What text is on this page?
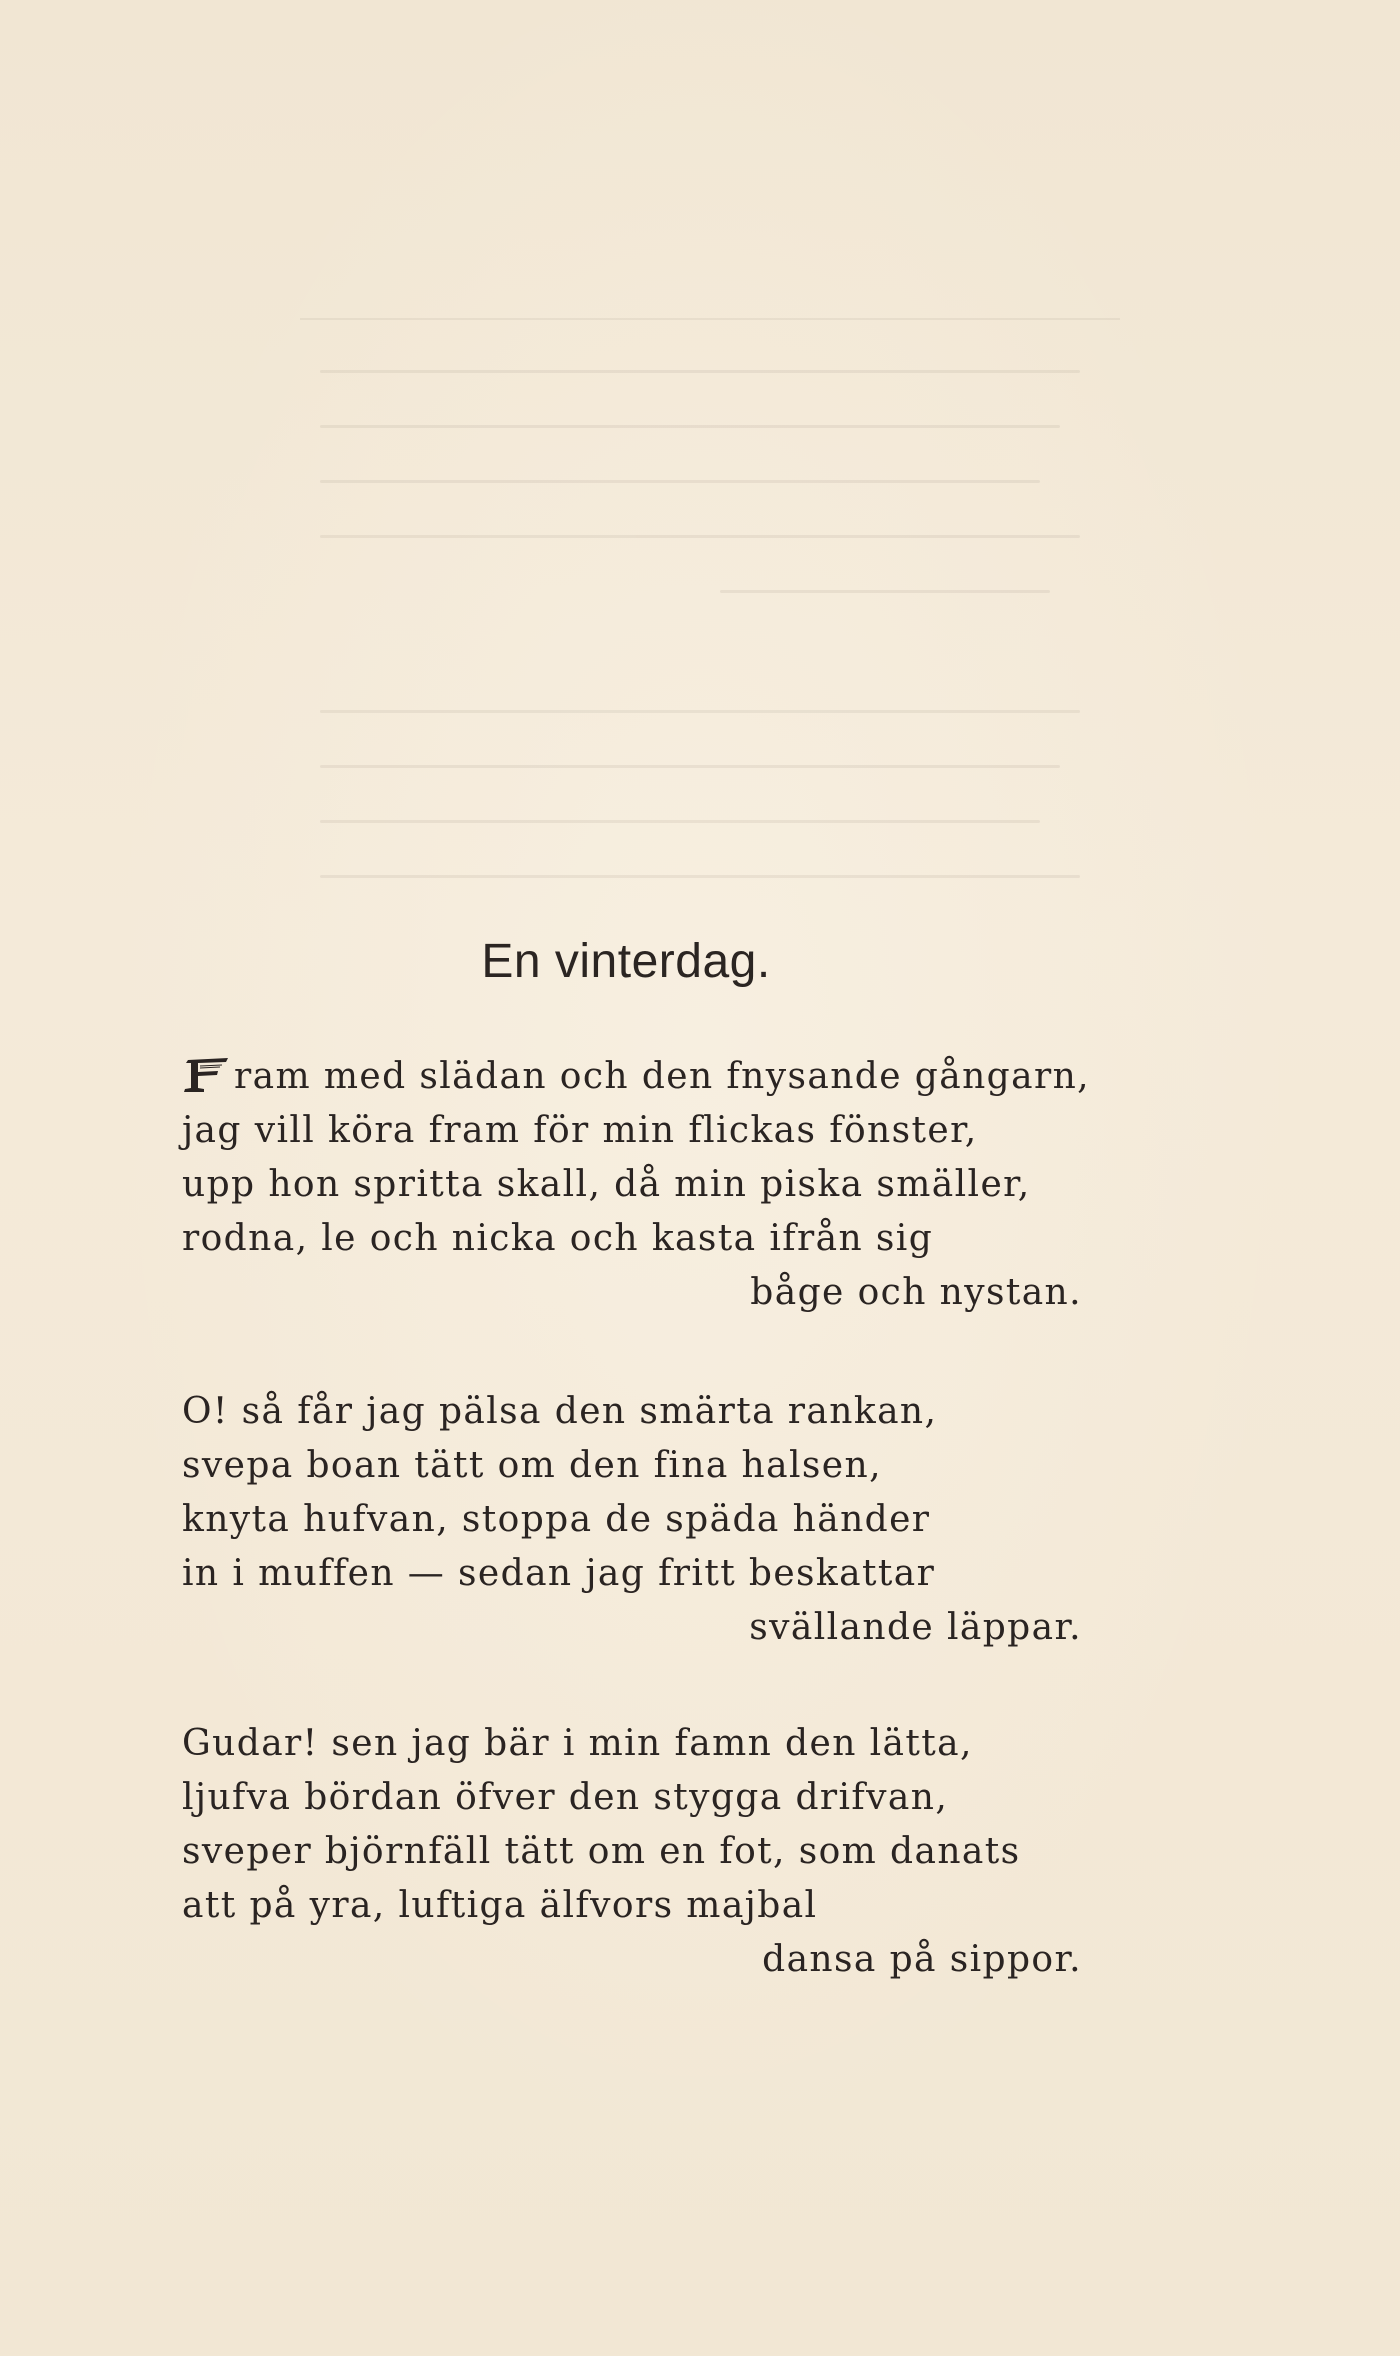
En vinterdag.
ram med slädan och den fnysande gångarn,
jag vill köra fram för min flickas fönster,
upp hon spritta skall, då min piska smäller,
rodna, le och nicka och kasta ifrån sig
båge och nystan.
O! så får jag pälsa den smärta rankan,
svepa boan tätt om den fina halsen,
knyta hufvan, stoppa de späda händer
in i muffen — sedan jag fritt beskattar
svällande läppar.
Gudar! sen jag bär i min famn den lätta,
ljufva bördan öfver den stygga drifvan,
sveper björnfäll tätt om en fot, som danats
att på yra, luftiga älfvors majbal
dansa på sippor.
